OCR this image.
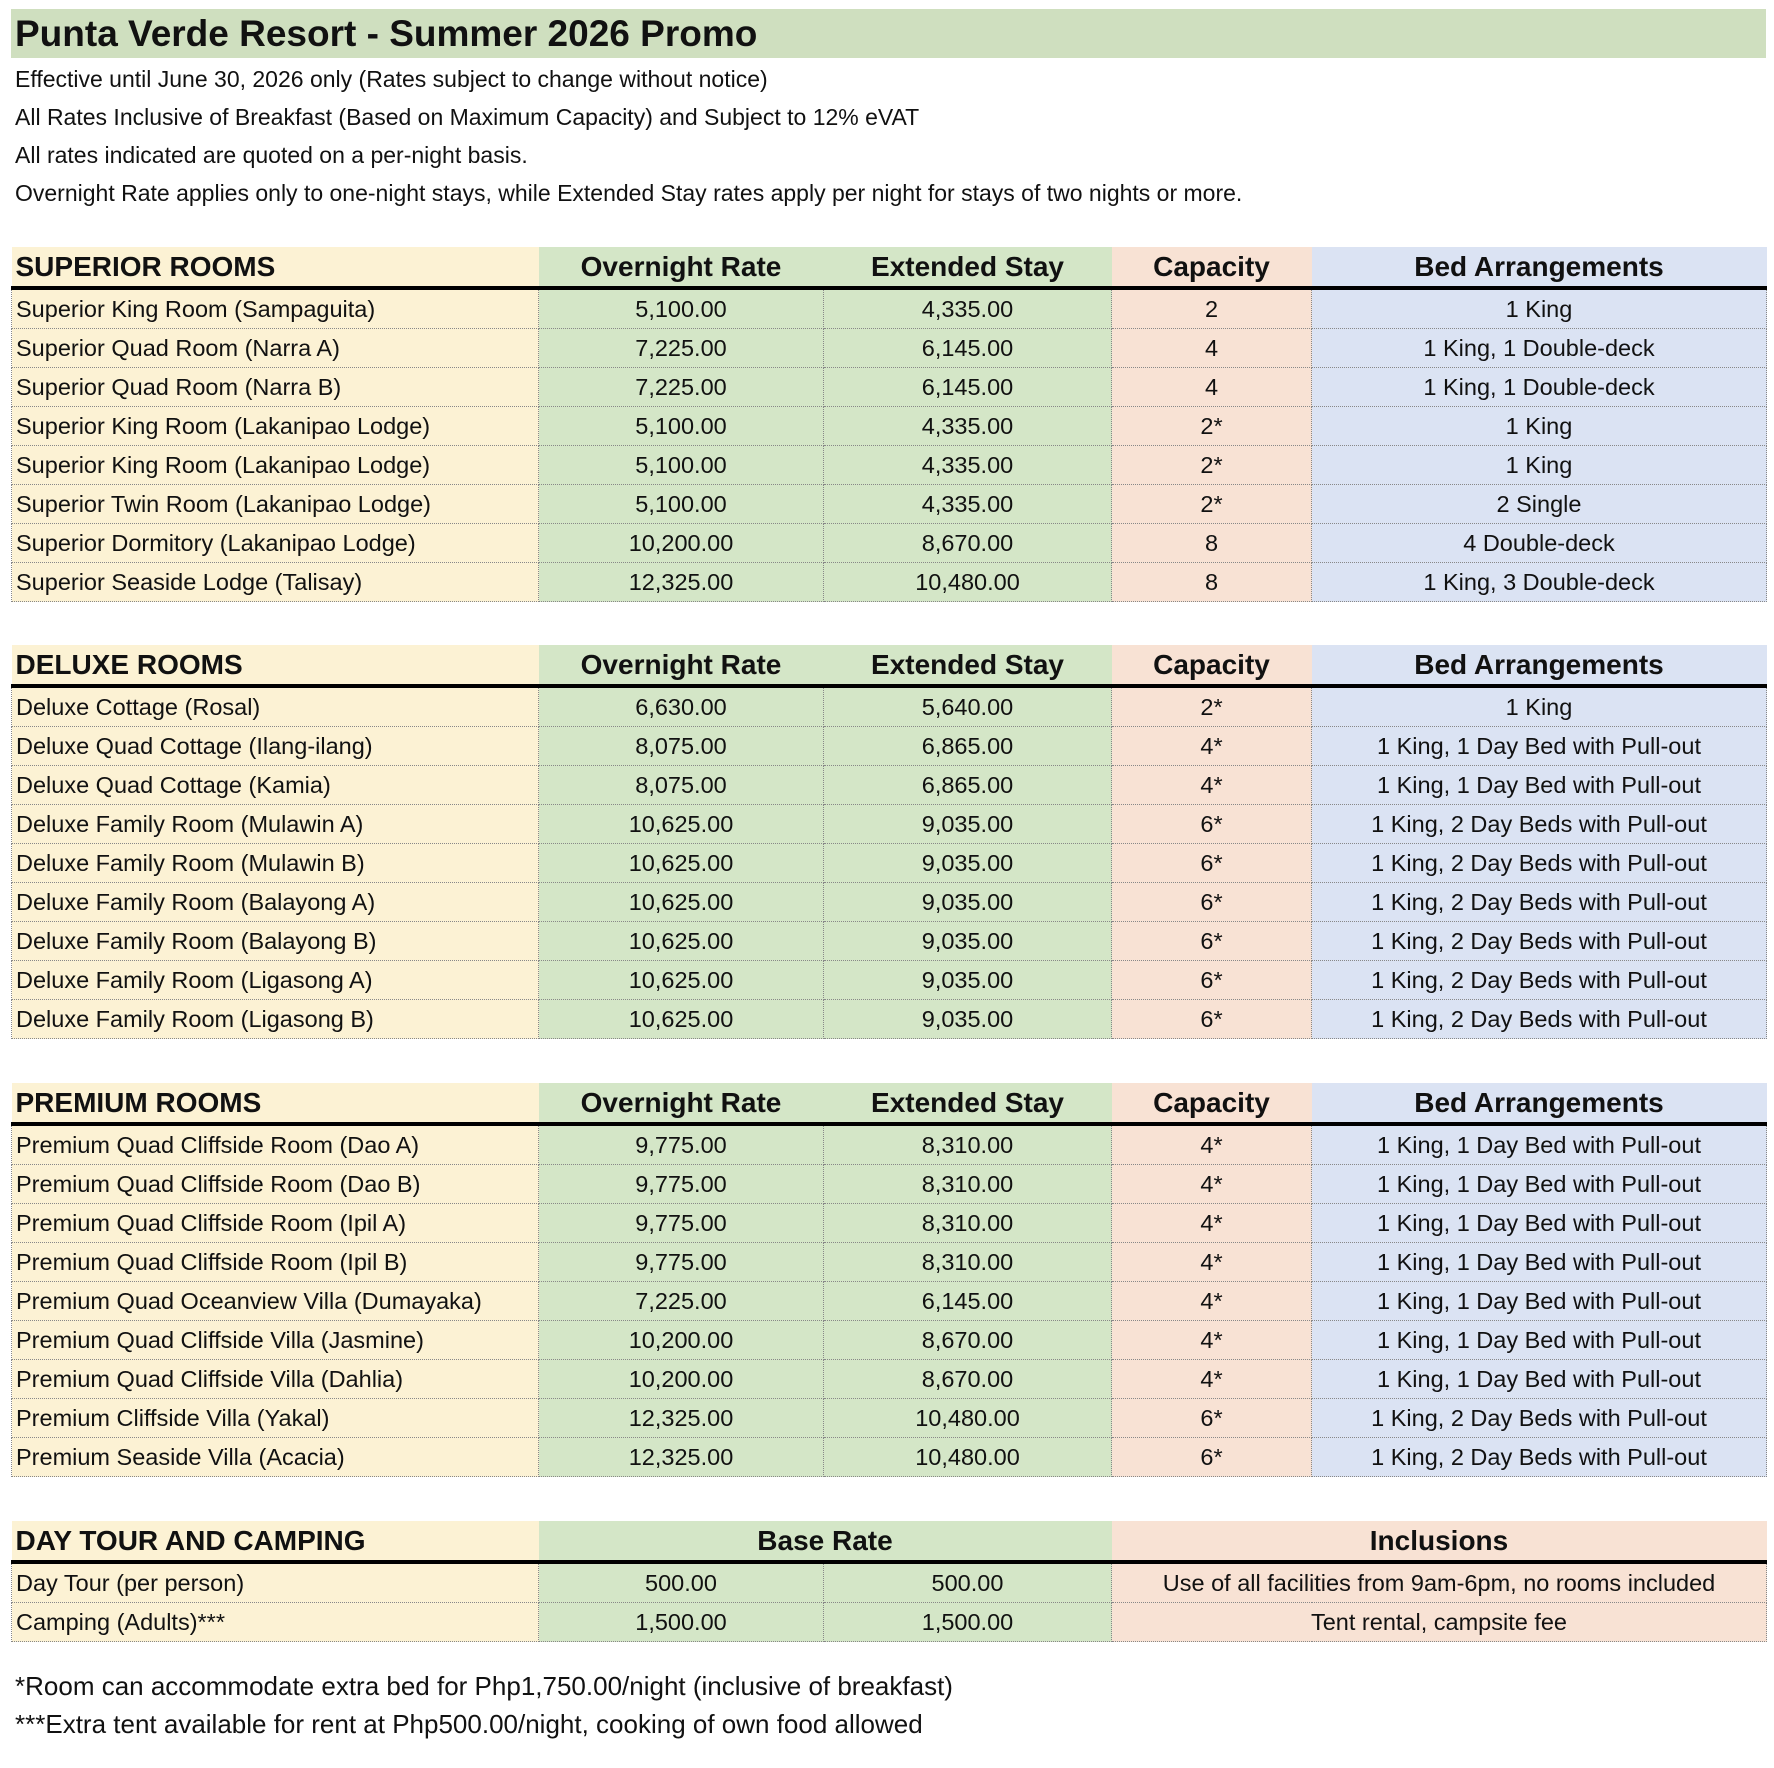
Punta Verde Resort - Summer 2026 Promo
Effective until June 30, 2026 only (Rates subject to change without notice)
All Rates Inclusive of Breakfast (Based on Maximum Capacity) and Subject to 12% eVAT
All rates indicated are quoted on a per-night basis.
Overnight Rate applies only to one-night stays, while Extended Stay rates apply per night for stays of two nights or more.
SUPERIOR ROOMS	Overnight Rate	Extended Stay	Capacity	Bed Arrangements
Superior King Room (Sampaguita)	5,100.00	4,335.00	2	1 King
Superior Quad Room (Narra A)	7,225.00	6,145.00	4	1 King, 1 Double-deck
Superior Quad Room (Narra B)	7,225.00	6,145.00	4	1 King, 1 Double-deck
Superior King Room (Lakanipao Lodge)	5,100.00	4,335.00	2*	1 King
Superior King Room (Lakanipao Lodge)	5,100.00	4,335.00	2*	1 King
Superior Twin Room (Lakanipao Lodge)	5,100.00	4,335.00	2*	2 Single
Superior Dormitory (Lakanipao Lodge)	10,200.00	8,670.00	8	4 Double-deck
Superior Seaside Lodge (Talisay)	12,325.00	10,480.00	8	1 King, 3 Double-deck
DELUXE ROOMS	Overnight Rate	Extended Stay	Capacity	Bed Arrangements
Deluxe Cottage (Rosal)	6,630.00	5,640.00	2*	1 King
Deluxe Quad Cottage (Ilang-ilang)	8,075.00	6,865.00	4*	1 King, 1 Day Bed with Pull-out
Deluxe Quad Cottage (Kamia)	8,075.00	6,865.00	4*	1 King, 1 Day Bed with Pull-out
Deluxe Family Room (Mulawin A)	10,625.00	9,035.00	6*	1 King, 2 Day Beds with Pull-out
Deluxe Family Room (Mulawin B)	10,625.00	9,035.00	6*	1 King, 2 Day Beds with Pull-out
Deluxe Family Room (Balayong A)	10,625.00	9,035.00	6*	1 King, 2 Day Beds with Pull-out
Deluxe Family Room (Balayong B)	10,625.00	9,035.00	6*	1 King, 2 Day Beds with Pull-out
Deluxe Family Room (Ligasong A)	10,625.00	9,035.00	6*	1 King, 2 Day Beds with Pull-out
Deluxe Family Room (Ligasong B)	10,625.00	9,035.00	6*	1 King, 2 Day Beds with Pull-out
PREMIUM ROOMS	Overnight Rate	Extended Stay	Capacity	Bed Arrangements
Premium Quad Cliffside Room (Dao A)	9,775.00	8,310.00	4*	1 King, 1 Day Bed with Pull-out
Premium Quad Cliffside Room (Dao B)	9,775.00	8,310.00	4*	1 King, 1 Day Bed with Pull-out
Premium Quad Cliffside Room (Ipil A)	9,775.00	8,310.00	4*	1 King, 1 Day Bed with Pull-out
Premium Quad Cliffside Room (Ipil B)	9,775.00	8,310.00	4*	1 King, 1 Day Bed with Pull-out
Premium Quad Oceanview Villa (Dumayaka)	7,225.00	6,145.00	4*	1 King, 1 Day Bed with Pull-out
Premium Quad Cliffside Villa (Jasmine)	10,200.00	8,670.00	4*	1 King, 1 Day Bed with Pull-out
Premium Quad Cliffside Villa (Dahlia)	10,200.00	8,670.00	4*	1 King, 1 Day Bed with Pull-out
Premium Cliffside Villa (Yakal)	12,325.00	10,480.00	6*	1 King, 2 Day Beds with Pull-out
Premium Seaside Villa (Acacia)	12,325.00	10,480.00	6*	1 King, 2 Day Beds with Pull-out
DAY TOUR AND CAMPING	Base Rate		Inclusions
Day Tour (per person)	500.00	500.00	Use of all facilities from 9am-6pm, no rooms included
Camping (Adults)***	1,500.00	1,500.00	Tent rental, campsite fee
*Room can accommodate extra bed for Php1,750.00/night (inclusive of breakfast)
***Extra tent available for rent at Php500.00/night, cooking of own food allowed
